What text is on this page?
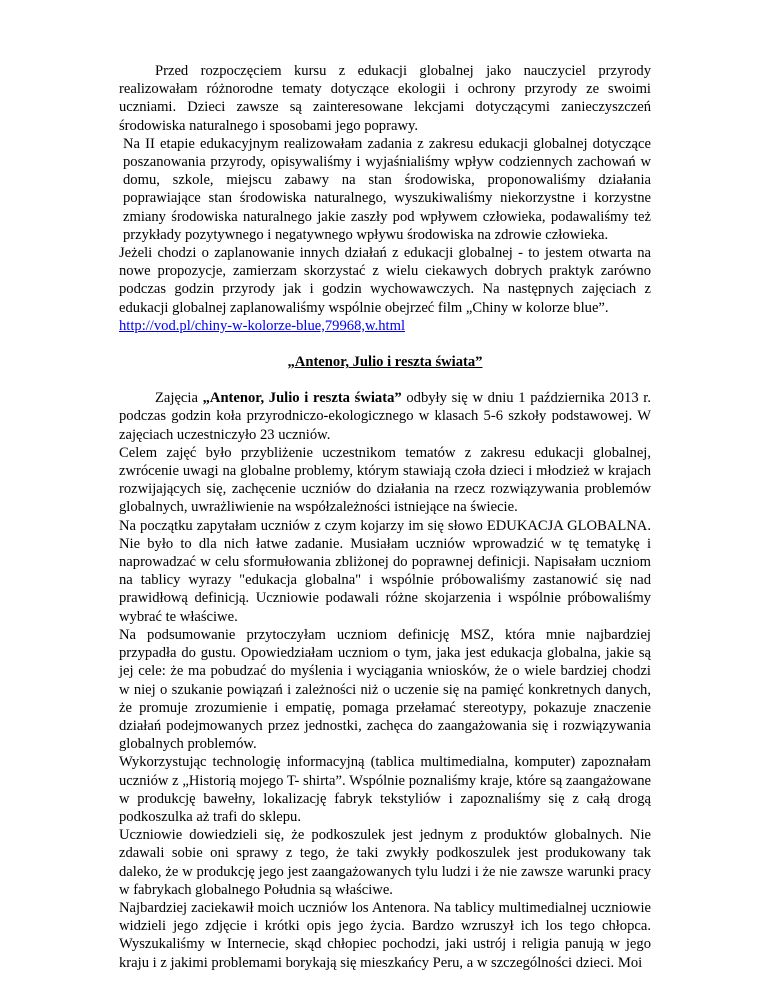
Przed rozpoczęciem kursu z edukacji globalnej jako nauczyciel przyrody realizowałam różnorodne tematy dotyczące ekologii i ochrony przyrody ze swoimi uczniami. Dzieci zawsze są zainteresowane lekcjami dotyczącymi zanieczyszczeń środowiska naturalnego i sposobami jego poprawy.

Na II etapie edukacyjnym realizowałam zadania z zakresu edukacji globalnej dotyczące poszanowania przyrody, opisywaliśmy i wyjaśnialiśmy wpływ codziennych zachowań w domu, szkole, miejscu zabawy na stan środowiska, proponowaliśmy działania poprawiające stan środowiska naturalnego, wyszukiwaliśmy niekorzystne i korzystne zmiany środowiska naturalnego jakie zaszły pod wpływem człowieka, podawaliśmy też przykłady pozytywnego i negatywnego wpływu środowiska na zdrowie człowieka.

Jeżeli chodzi o zaplanowanie innych działań z edukacji globalnej - to jestem otwarta na nowe propozycje, zamierzam skorzystać z wielu ciekawych dobrych praktyk zarówno podczas godzin przyrody jak i godzin wychowawczych. Na następnych zajęciach z edukacji globalnej zaplanowaliśmy wspólnie obejrzeć film „Chiny w kolorze blue”.

http://vod.pl/chiny-w-kolorze-blue,79968,w.html

„Antenor, Julio i reszta świata”

Zajęcia „Antenor, Julio i reszta świata” odbyły się w dniu 1 października 2013 r. podczas godzin koła przyrodniczo-ekologicznego w klasach 5-6 szkoły podstawowej. W zajęciach uczestniczyło 23 uczniów.

Celem zajęć było przybliżenie uczestnikom tematów z zakresu edukacji globalnej, zwrócenie uwagi na globalne problemy, którym stawiają czoła dzieci i młodzież w krajach rozwijających się, zachęcenie uczniów do działania na rzecz rozwiązywania problemów globalnych, uwrażliwienie na współzależności istniejące na świecie.

Na początku zapytałam uczniów z czym kojarzy im się słowo EDUKACJA GLOBALNA. Nie było to dla nich łatwe zadanie. Musiałam uczniów wprowadzić w tę tematykę i naprowadzać w celu sformułowania zbliżonej do poprawnej definicji. Napisałam uczniom na tablicy wyrazy "edukacja globalna" i wspólnie próbowaliśmy zastanowić się nad prawidłową definicją. Uczniowie podawali różne skojarzenia i wspólnie próbowaliśmy wybrać te właściwe.

Na podsumowanie przytoczyłam uczniom definicję MSZ, która mnie najbardziej przypadła do gustu. Opowiedziałam uczniom o tym, jaka jest edukacja globalna, jakie są jej cele: że ma pobudzać do myślenia i wyciągania wniosków, że o wiele bardziej chodzi w niej o szukanie powiązań i zależności niż o uczenie się na pamięć konkretnych danych, że promuje zrozumienie i empatię, pomaga przełamać stereotypy, pokazuje znaczenie działań podejmowanych przez jednostki, zachęca do zaangażowania się i rozwiązywania globalnych problemów.

Wykorzystując technologię informacyjną (tablica multimedialna, komputer) zapoznałam uczniów z „Historią mojego T- shirta”. Wspólnie poznaliśmy kraje, które są zaangażowane w produkcję bawełny, lokalizację fabryk tekstyliów i zapoznaliśmy się z całą drogą podkoszulka aż trafi do sklepu.

Uczniowie dowiedzieli się, że podkoszulek jest jednym z produktów globalnych. Nie zdawali sobie oni sprawy z tego, że taki zwykły podkoszulek jest produkowany tak daleko, że w produkcję jego jest zaangażowanych tylu ludzi i że nie zawsze warunki pracy w fabrykach globalnego Południa są właściwe.

Najbardziej zaciekawił moich uczniów los Antenora. Na tablicy multimedialnej uczniowie widzieli jego zdjęcie i krótki opis jego życia. Bardzo wzruszył ich los tego chłopca. Wyszukaliśmy w Internecie, skąd chłopiec pochodzi, jaki ustrój i religia panują w jego kraju i z jakimi problemami borykają się mieszkańcy Peru, a w szczególności dzieci. Moi
